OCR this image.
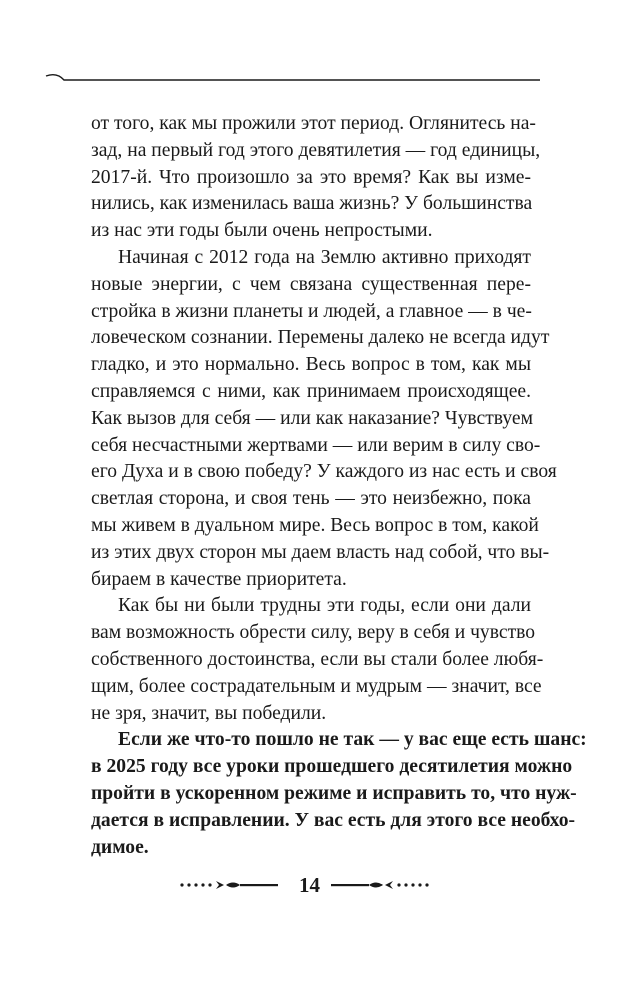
от того, как мы прожили этот период. Оглянитесь на-
зад, на первый год этого девятилетия — год единицы,
2017-й. Что произошло за это время? Как вы изме-
нились, как изменилась ваша жизнь? У большинства
из нас эти годы были очень непростыми.
Начиная с 2012 года на Землю активно приходят
новые энергии, с чем связана существенная пере-
стройка в жизни планеты и людей, а главное — в че-
ловеческом сознании. Перемены далеко не всегда идут
гладко, и это нормально. Весь вопрос в том, как мы
справляемся с ними, как принимаем происходящее.
Как вызов для себя — или как наказание? Чувствуем
себя несчастными жертвами — или верим в силу сво-
его Духа и в свою победу? У каждого из нас есть и своя
светлая сторона, и своя тень — это неизбежно, пока
мы живем в дуальном мире. Весь вопрос в том, какой
из этих двух сторон мы даем власть над собой, что вы-
бираем в качестве приоритета.
Как бы ни были трудны эти годы, если они дали
вам возможность обрести силу, веру в себя и чувство
собственного достоинства, если вы стали более любя-
щим, более сострадательным и мудрым — значит, все
не зря, значит, вы победили.
Если же что-то пошло не так — у вас еще есть шанс:
в 2025 году все уроки прошедшего десятилетия можно
пройти в ускоренном режиме и исправить то, что нуж-
дается в исправлении. У вас есть для этого все необхо-
димое.
14
